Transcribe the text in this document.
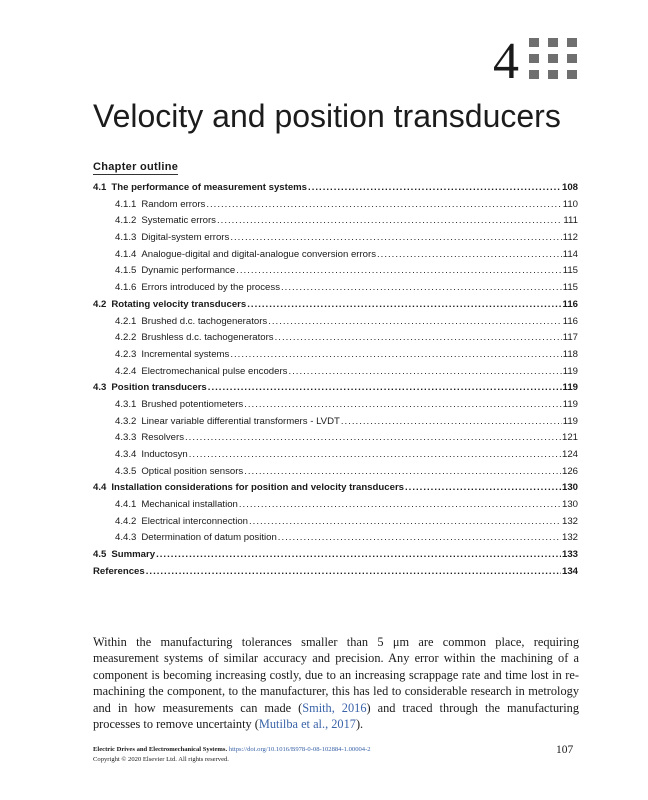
4
Velocity and position transducers
Chapter outline
4.1 The performance of measurement systems .....	108
4.1.1 Random errors .....	110
4.1.2 Systematic errors .....	111
4.1.3 Digital-system errors .....	112
4.1.4 Analogue-digital and digital-analogue conversion errors .....	114
4.1.5 Dynamic performance .....	115
4.1.6 Errors introduced by the process .....	115
4.2 Rotating velocity transducers .....	116
4.2.1 Brushed d.c. tachogenerators .....	116
4.2.2 Brushless d.c. tachogenerators .....	117
4.2.3 Incremental systems .....	118
4.2.4 Electromechanical pulse encoders .....	119
4.3 Position transducers .....	119
4.3.1 Brushed potentiometers .....	119
4.3.2 Linear variable differential transformers - LVDT .....	119
4.3.3 Resolvers .....	121
4.3.4 Inductosyn .....	124
4.3.5 Optical position sensors .....	126
4.4 Installation considerations for position and velocity transducers .....	130
4.4.1 Mechanical installation .....	130
4.4.2 Electrical interconnection .....	132
4.4.3 Determination of datum position .....	132
4.5 Summary .....	133
References .....	134

Within the manufacturing tolerances smaller than 5 μm are common place, requiring measurement systems of similar accuracy and precision. Any error within the machining of a component is becoming increasing costly, due to an increasing scrappage rate and time lost in re-machining the component, to the manufacturer, this has led to considerable research in metrology and in how measurements can made (Smith, 2016) and traced through the manufacturing processes to remove uncertainty (Mutilba et al., 2017).

Electric Drives and Electromechanical Systems. https://doi.org/10.1016/B978-0-08-102884-1.00004-2
Copyright © 2020 Elsevier Ltd. All rights reserved.
107
